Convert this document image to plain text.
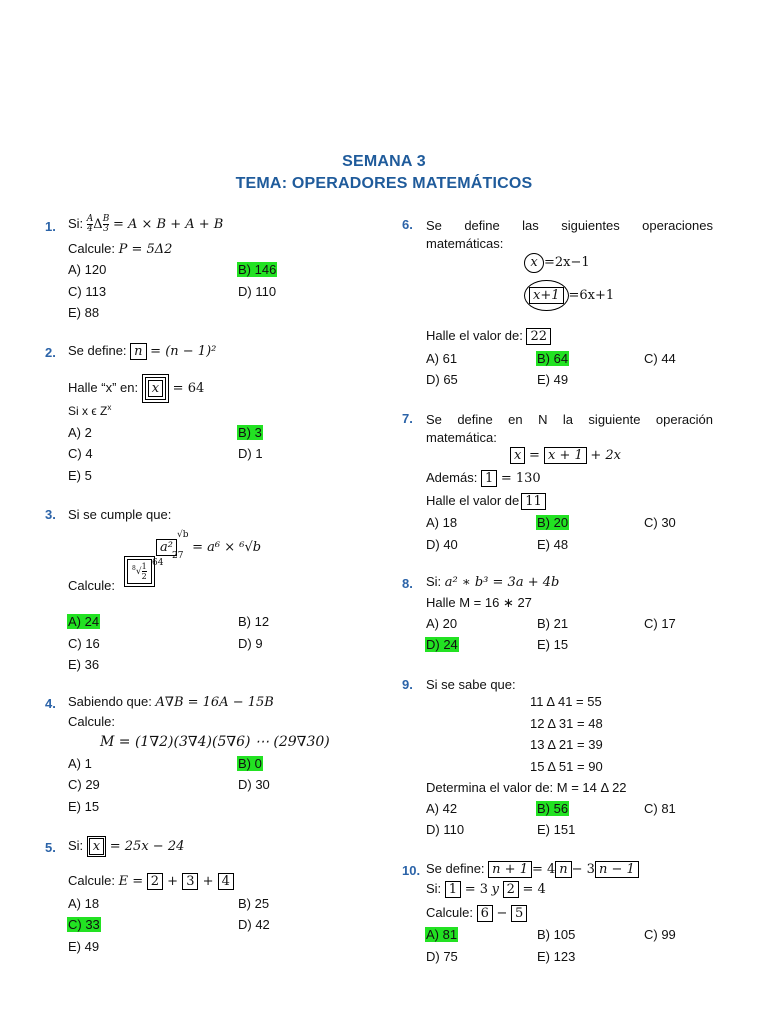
SEMANA 3
TEMA: OPERADORES MATEMÁTICOS
1. Si: $\frac{A}{4}$ Δ $\frac{B}{3} = A \times B + A + B$
Calcule: P = 5Δ2
A) 120	B) 146
C) 113	D) 110
E) 88
2. Se define: n = (n − 1)²
Halle “x” en: x = 64
Si x ϵ $Z^x$
A) 2	B) 3
C) 4	D) 1
E) 5
3. Si se cumple que:
a²$^{√b}$ = a⁶ × ⁶√b
Calcule:
$^8√ \frac{1}{2} 64$
27
A) 24	B) 12
C) 16	D) 9
E) 36
4. Sabiendo que: A∇B = 16A − 15B
Calcule:
M = (1∇2)(3∇4)(5∇6) ⋯ (29∇30)
A) 1	B) 0
C) 29	D) 30
E) 15
5. Si: x = 25x − 24
Calcule: E = 2 + 3 + 4
A) 18	B) 25
C) 33	D) 42
E) 49
6. Se define las siguientes operaciones matemáticas:
x =2x−1
x+1 =6x+1
Halle el valor de: 22
A) 61	B) 64	C) 44
D) 65	E) 49
7. Se define en N la siguiente operación matemática:
x = x + 1 + 2x
Además: 1 = 130
Halle el valor de 11
A) 18	B) 20	C) 30
D) 40	E) 48
8. Si: a² ∗ b³ = 3a + 4b
Halle M = 16 ∗ 27
A) 20	B) 21	C) 17
D) 24	E) 15
9. Si se sabe que:
11 Δ 41 = 55
12 Δ 31 = 48
13 Δ 21 = 39
15 Δ 51 = 90
Determina el valor de: M = 14 Δ 22
A) 42	B) 56	C) 81
D) 110	E) 151
10. Se define: n + 1 = 4 n − 3 n − 1
Si: 1 = 3 y 2 = 4
Calcule: 6 − 5
A) 81	B) 105	C) 99
D) 75	E) 123
